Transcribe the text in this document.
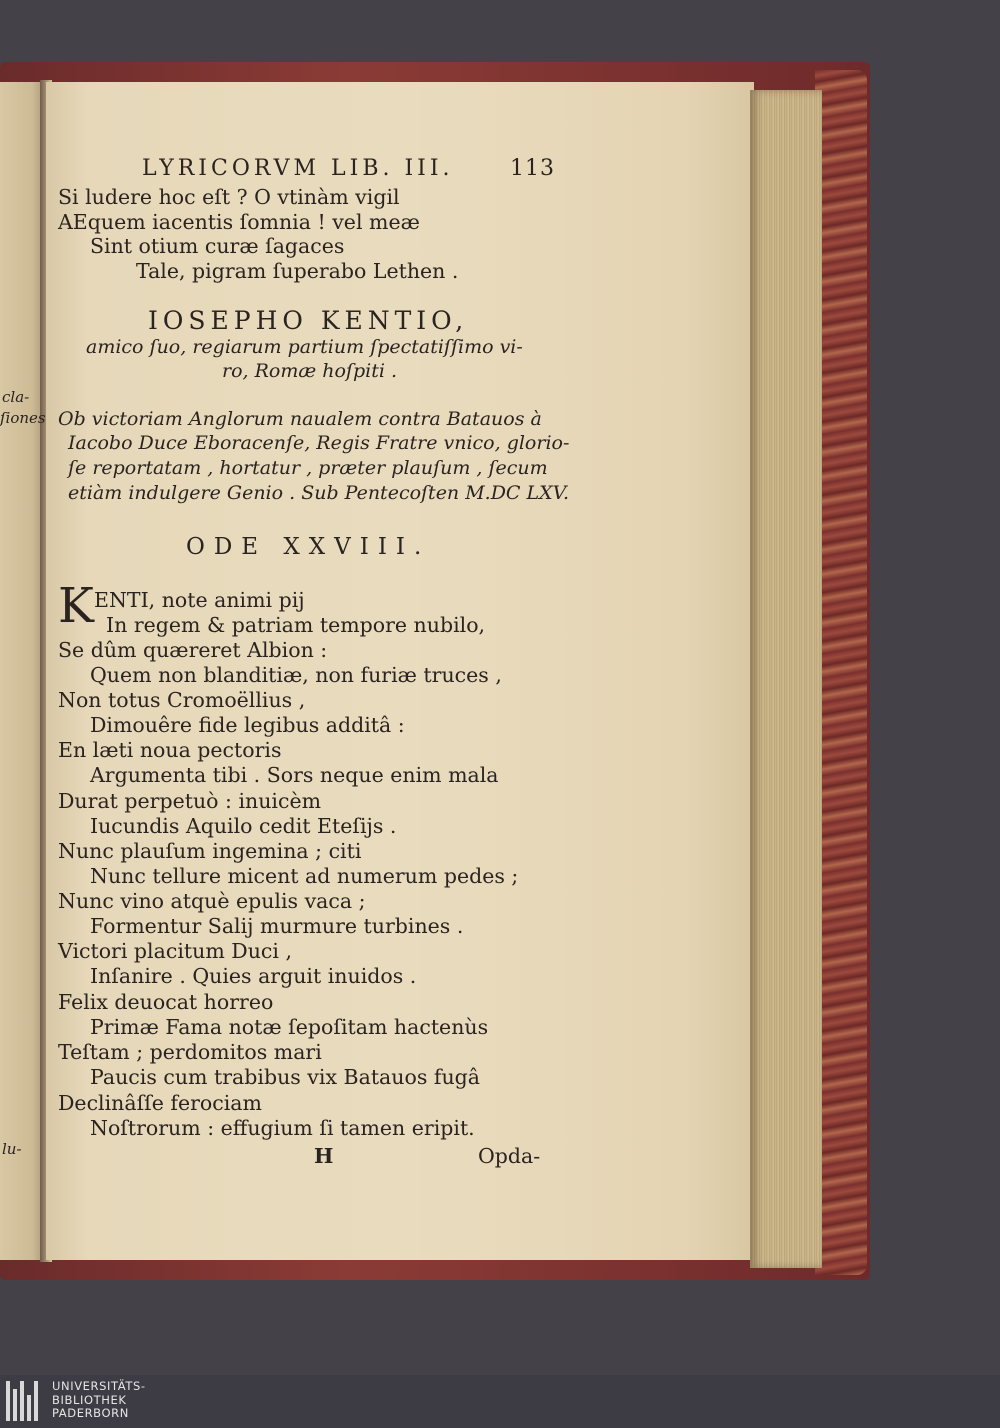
cla-
ſiones
lu-
LYRICORVM LIB. III.	113
Si ludere hoc eſt ? O vtinàm vigil
AEquem iacentis ſomnia ! vel meæ
Sint otium curæ ſagaces
Tale, pigram ſuperabo Lethen .
IOSEPHO KENTIO,
amico ſuo, regiarum partium ſpectatiſſimo vi-
ro, Romæ hoſpiti .
Ob victoriam Anglorum naualem contra Batauos à
Iacobo Duce Eboracenſe, Regis Fratre vnico, glorio-
ſe reportatam , hortatur , præter plauſum , ſecum
etiàm indulgere Genio . Sub Pentecoſten M.DC LXV.
ODE XXVIII.
K ENTI, note animi pij
In regem & patriam tempore nubilo,
Se dûm quæreret Albion :
Quem non blanditiæ, non furiæ truces ,
Non totus Cromoëllius ,
Dimouêre fide legibus additâ :
En læti noua pectoris
Argumenta tibi . Sors neque enim mala
Durat perpetuò : inuicèm
Iucundis Aquilo cedit Eteſijs .
Nunc plauſum ingemina ; citi
Nunc tellure micent ad numerum pedes ;
Nunc vino atquè epulis vaca ;
Formentur Salij murmure turbines .
Victori placitum Duci ,
Inſanire . Quies arguit inuidos .
Felix deuocat horreo
Primæ Fama notæ ſepoſitam hactenùs
Teſtam ; perdomitos mari
Paucis cum trabibus vix Batauos fugâ
Declinâſſe ferociam
Noſtrorum : effugium ſi tamen eripit.
H	Opda-
UNIVERSITÄTS-
BIBLIOTHEK
PADERBORN
